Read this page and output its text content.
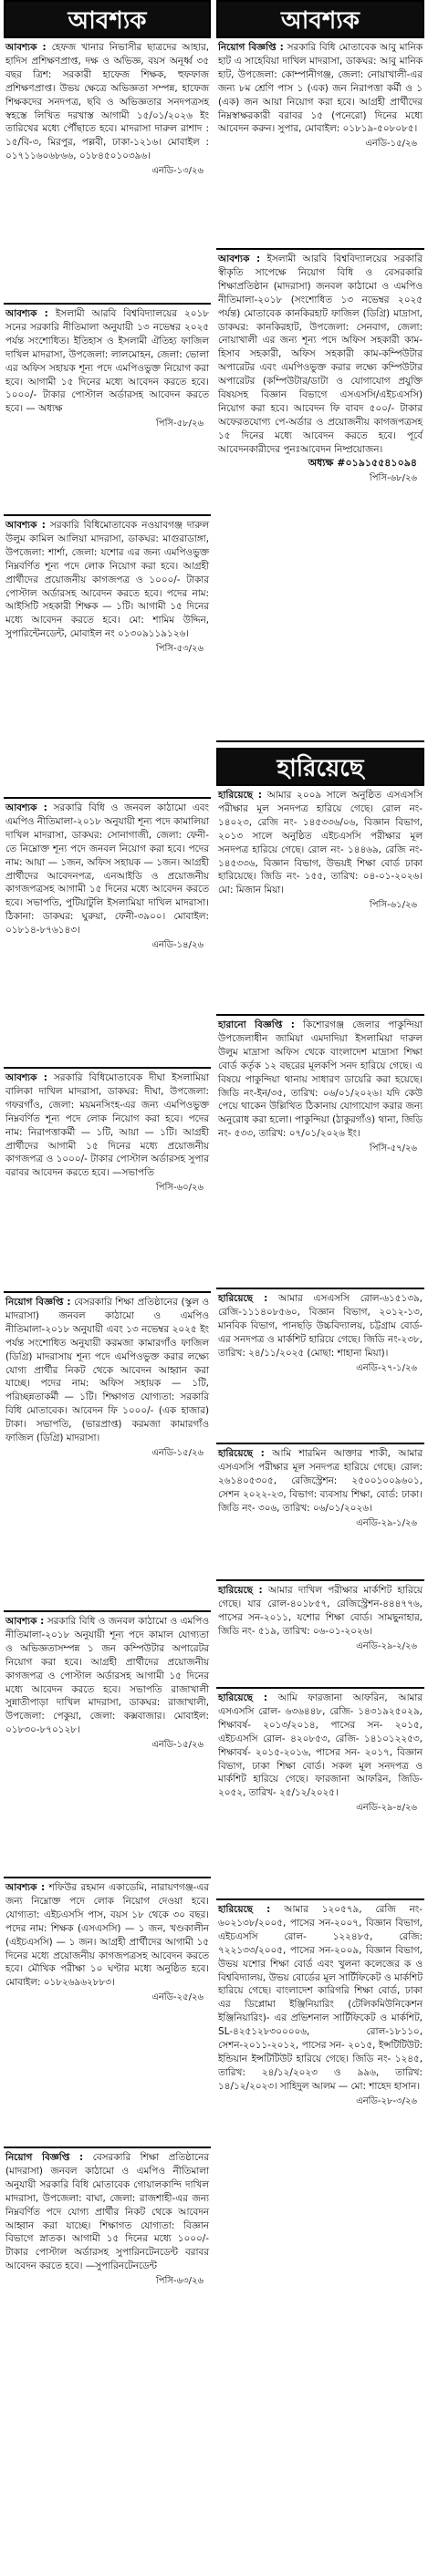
আবশ্যক
আবশ্যক : হেফজ খানার নিভাসীর ছাত্রদের আহার, হাদিস প্রশিক্ষণপ্রাপ্ত, দক্ষ ও অভিজ্ঞ, বয়স অনূর্ধ্ব ৩৫ বছর ত্রিশ: সরকারী হাফেজ শিক্ষক, হুফফাজ প্রশিক্ষণপ্রাপ্ত। উভয় ক্ষেত্রে অভিজ্ঞতা সম্পন্ন, হাফেজ শিক্ষকদের সনদপত্র, ছবি ও অভিজ্ঞতার সনদপত্রসহ স্বহস্তে লিখিত দরখাস্ত আগামী ১৫/০১/২০২৬ ইং তারিখের মধ্যে পৌঁছাতে হবে। মাদরাসা দারুল রাশাদ : ১৫/বি-৩, মিরপুর, পল্লবী, ঢাকা-১২১৬। মোবাইল : ০১৭১১৬০৬৮৬৬, ০১৮৪৫০১০৩৯৬।
এনডি-১৩/২৬
আবশ্যক : ইসলামী আরবি বিশ্ববিদ্যালয়ের ২০১৮ সনের সরকারি নীতিমালা অনুযায়ী ১৩ নভেম্বর ২০২৫ পর্যন্ত সংশোধিত। ইতিহাস ও ইসলামী ঐতিহ্য ফাজিল দাখিল মাদরাসা, উপজেলা: লালমোহন, জেলা: ভোলা এর অফিস সহায়ক শূন্য পদে এমপিওভুক্ত নিয়োগ করা হবে। আগামী ১৫ দিনের মধ্যে আবেদন করতে হবে। ১০০০/- টাকার পোস্টাল অর্ডারসহ আবেদন করতে হবে। — অধ্যক্ষ
পিসি-৫৮/২৬
আবশ্যক : সরকারি বিধিমোতাবেক নওয়াবগঞ্জ দারুল উলুম কামিল আলিয়া মাদরাসা, ডাকঘর: মাগুরাডাঙ্গা, উপজেলা: শার্শা, জেলা: যশোর এর জন্য এমপিওভুক্ত নিম্নবর্ণিত শূন্য পদে লোক নিয়োগ করা হবে। আগ্রহী প্রার্থীদের প্রয়োজনীয় কাগজপত্র ও ১০০০/- টাকার পোস্টাল অর্ডারসহ আবেদন করতে হবে। পদের নাম: আইসিটি সহকারী শিক্ষক — ১টি। আগামী ১৫ দিনের মধ্যে আবেদন করতে হবে। মো: শামিম উদ্দিন, সুপারিন্টেনডেন্ট, মোবাইল নং ০১৩০৯১১৯১২৬।
পিসি-৫৩/২৬
আবশ্যক : সরকারি বিধি ও জনবল কাঠামো এবং এমপিও নীতিমালা-২০১৮ অনুযায়ী শূন্য পদে কামালিয়া দাখিল মাদরাসা, ডাকঘর: সোনাগাজী, জেলা: ফেনী-তে নিম্নোক্ত শূন্য পদে জনবল নিয়োগ করা হবে। পদের নাম: আয়া — ১জন, অফিস সহায়ক — ১জন। আগ্রহী প্রার্থীদের আবেদনপত্র, এনআইডি ও প্রয়োজনীয় কাগজপত্রসহ আগামী ১৫ দিনের মধ্যে আবেদন করতে হবে। সভাপতি, পুটিয়াটুলি ইসলামিয়া দাখিল মাদরাসা। ঠিকানা: ডাকঘর: ঘুরুয়া, ফেনী-৩৯০০। মোবাইল: ০১৮১৪-৮৭৬১৪৩।
এনডি-১৪/২৬
আবশ্যক : সরকারি বিধিমোতাবেক দীঘা ইসলামিয়া বালিকা দাখিল মাদরাসা, ডাকঘর: দীঘা, উপজেলা: গফরগাঁও, জেলা: ময়মনসিংহ-এর জন্য এমপিওভুক্ত নিম্নবর্ণিত শূন্য পদে লোক নিয়োগ করা হবে। পদের নাম: নিরাপত্তাকর্মী — ১টি, আয়া — ১টি। আগ্রহী প্রার্থীদের আগামী ১৫ দিনের মধ্যে প্রয়োজনীয় কাগজপত্র ও ১০০০/- টাকার পোস্টাল অর্ডারসহ সুপার বরাবর আবেদন করতে হবে। —সভাপতি
পিসি-৬০/২৬
নিয়োগ বিজ্ঞপ্তি : বেসরকারি শিক্ষা প্রতিষ্ঠানের (স্কুল ও মাদরাসা) জনবল কাঠামো ও এমপিও নীতিমালা-২০১৮ অনুযায়ী এবং ১৩ নভেম্বর ২০২৫ ইং পর্যন্ত সংশোধিত অনুযায়ী করমজা কামারগাঁও ফাজিল (ডিগ্রি) মাদরাসায় শূন্য পদে এমপিওভুক্ত করার লক্ষ্যে যোগ্য প্রার্থীর নিকট থেকে আবেদন আহ্বান করা যাচ্ছে। পদের নাম: অফিস সহায়ক — ১টি, পরিচ্ছন্নতাকর্মী — ১টি। শিক্ষাগত যোগ্যতা: সরকারি বিধি মোতাবেক। আবেদন ফি ১০০০/- (এক হাজার) টাকা। সভাপতি, (ভারপ্রাপ্ত) করমজা কামারগাঁও ফাজিল (ডিগ্রি) মাদরাসা।
এনডি-১৫/২৬
আবশ্যক : সরকারি বিধি ও জনবল কাঠামো ও এমপিও নীতিমালা-২০১৮ অনুযায়ী শূন্য পদে কামাল যোগ্যতা ও অভিজ্ঞতাসম্পন্ন ১ জন কম্পিউটার অপারেটর নিয়োগ করা হবে। আগ্রহী প্রার্থীদের প্রয়োজনীয় কাগজপত্র ও পোস্টাল অর্ডারসহ আগামী ১৫ দিনের মধ্যে আবেদন করতে হবে। সভাপতি রাজাখালী সুন্নাতীপাড়া দাখিল মাদরাসা, ডাকঘর: রাজাখালী, উপজেলা: পেকুয়া, জেলা: কক্সবাজার। মোবাইল: ০১৮৩০-৮৭০১২৮।
এনডি-১৫/২৬
আবশ্যক : শফিউর রহমান একাডেমি, নারায়ণগঞ্জ-এর জন্য নিম্নোক্ত পদে লোক নিয়োগ দেওয়া হবে। যোগ্যতা: এইচএসসি পাস, বয়স ১৮ থেকে ৩০ বছর। পদের নাম: শিক্ষক (এসএসসি) — ১ জন, খণ্ডকালীন (এইচএসসি) — ১ জন। আগ্রহী প্রার্থীদের আগামী ১৫ দিনের মধ্যে প্রয়োজনীয় কাগজপত্রসহ আবেদন করতে হবে। মৌখিক পরীক্ষা ১০ ঘণ্টার মধ্যে অনুষ্ঠিত হবে। মোবাইল: ০১৮২৬৯৬২৮৮৩।
এনডি-২৫/২৬
নিয়োগ বিজ্ঞপ্তি : বেসরকারি শিক্ষা প্রতিষ্ঠানের (মাদরাসা) জনবল কাঠামো ও এমপিও নীতিমালা অনুযায়ী সরকারি বিধি মোতাবেক গোয়ালকান্দি দাখিল মাদরাসা, উপজেলা: বাঘা, জেলা: রাজশাহী-এর জন্য নিম্নবর্ণিত পদে যোগ্য প্রার্থীর নিকট থেকে আবেদন আহ্বান করা যাচ্ছে। শিক্ষাগত যোগ্যতা: বিজ্ঞান বিভাগে স্নাতক। আগামী ১৫ দিনের মধ্যে ১০০০/- টাকার পোস্টাল অর্ডারসহ সুপারিনটেনডেন্ট বরাবর আবেদন করতে হবে। —সুপারিনটেনডেন্ট
পিসি-৬৩/২৬
আবশ্যক
নিয়োগ বিজ্ঞপ্তি : সরকারি বিধি মোতাবেক আবু মানিক হাট এ সাহেবিয়া দাখিল মাদরাসা, ডাকঘর: আবু মানিক হাট, উপজেলা: কোম্পানীগঞ্জ, জেলা: নোয়াখালী-এর জন্য ৮ম শ্রেণি পাস ১ (এক) জন নিরাপত্তা কর্মী ও ১ (এক) জন আয়া নিয়োগ করা হবে। আগ্রহী প্রার্থীদের নিম্নস্বাক্ষরকারী বরাবর ১৫ (পনেরো) দিনের মধ্যে আবেদন করুন। সুপার, মোবাইল: ০১৮১৯-৫০৮০৮৫।
এনডি-১৫/২৬
আবশ্যক : ইসলামী আরবি বিশ্ববিদ্যালয়ের সরকারি স্বীকৃতি সাপেক্ষে নিয়োগ বিধি ও বেসরকারি শিক্ষাপ্রতিষ্ঠান (মাদরাসা) জনবল কাঠামো ও এমপিও নীতিমালা-২০১৮ (সংশোধিত ১৩ নভেম্বর ২০২৫ পর্যন্ত) মোতাবেক কানকিরহাট ফাজিল (ডিগ্রি) মাদ্রাসা, ডাকঘর: কানকিরহাট, উপজেলা: সেনবাগ, জেলা: নোয়াখালী এর জন্য শূন্য পদে অফিস সহকারী কাম-হিসাব সহকারী, অফিস সহকারী কাম-কম্পিউটার অপারেটর এবং এমপিওভুক্ত করার লক্ষ্যে কম্পিউটার অপারেটর (কম্পিউটার/ডাটা ও যোগাযোগ প্রযুক্তি বিষয়সহ বিজ্ঞান বিভাগে এসএসসি/এইচএসসি) নিয়োগ করা হবে। আবেদন ফি বাবদ ৫০০/- টাকার অফেরতযোগ্য পে-অর্ডার ও প্রয়োজনীয় কাগজপত্রসহ ১৫ দিনের মধ্যে আবেদন করতে হবে। পূর্বে আবেদনকারীদের পুনঃআবেদন নিষ্প্রয়োজন।
অধ্যক্ষ #০১৯১৫৫৪১০৯৪
পিসি-৬৮/২৬
হারিয়েছে
হারিয়েছে : আমার ২০০৯ সালে অনুষ্ঠিত এসএসসি পরীক্ষার মূল সনদপত্র হারিয়ে গেছে। রোল নং- ১৪০২৩, রেজি নং- ১৪৫৩৩৬/০৬, বিজ্ঞান বিভাগ, ২০১৩ সালে অনুষ্ঠিত এইচএসসি পরীক্ষার মূল সনদপত্র হারিয়ে গেছে। রোল নং- ১৪৪৬৯, রেজি নং- ১৪৫৩৩৬, বিজ্ঞান বিভাগ, উভয়ই শিক্ষা বোর্ড ঢাকা হারিয়েছে। জিডি নং- ১৫৫, তারিখ: ০৪-০১-২০২৬। মো: মিজান মিয়া।
পিসি-৬১/২৬
হারানো বিজ্ঞপ্তি : কিশোরগঞ্জ জেলার পাকুন্দিয়া উপজেলাধীন জামিয়া এমদাদিয়া ইসলামিয়া দারুল উলুম মাদ্রাসা অফিস থেকে বাংলাদেশ মাদ্রাসা শিক্ষা বোর্ড কর্তৃক ১২ বছরের মূলকপি সনদ হারিয়ে গেছে। এ বিষয়ে পাকুন্দিয়া থানায় সাধারণ ডায়েরি করা হয়েছে। জিডি নং-ইন/৩৫, তারিখ: ০৬/০১/২০২৬। যদি কেউ পেয়ে থাকেন উল্লিখিত ঠিকানায় যোগাযোগ করার জন্য অনুরোধ করা হলো। পাকুন্দিয়া (ঠাকুরগাঁও) থানা, জিডি নং- ৫৩৩, তারিখ: ০৭/০১/২০২৬ ইং।
পিসি-৫৭/২৬
হারিয়েছে : আমার এসএসসি রোল-৬১৫১৩৯, রেজি-১১১৪০৮৫৬০, বিজ্ঞান বিভাগ, ২০১২-১৩, মানবিক বিভাগ, পানছড়ি উচ্চবিদ্যালয়, চট্টগ্রাম বোর্ড-এর সনদপত্র ও মার্কশিট হারিয়ে গেছে। জিডি নং-২৩৮, তারিখ: ২৪/১১/২০২৫ (মোছা: শাহানা মিয়া)।
এনডি-২৭-১/২৬
হারিয়েছে : আমি শারমিন আক্তার শাকী, আমার এসএসসি পরীক্ষার মূল সনদপত্র হারিয়ে গেছে। রোল: ২৬১৪০৫৩০৫, রেজিস্ট্রেশন: ২৫০০১০০৯৬০১, সেশন ২০২২-২৩, বিভাগ: ব্যবসায় শিক্ষা, বোর্ড: ঢাকা। জিডি নং- ৩০৬, তারিখ: ০৬/০১/২০২৬।
এনডি-২৯-১/২৬
হারিয়েছে : আমার দাখিল পরীক্ষার মার্কশিট হারিয়ে গেছে। যার রোল-৪০১৮৫৭, রেজিস্ট্রেশন-৪৪৪৭৭৬, পাসের সন-২০১১, যশোর শিক্ষা বোর্ড। সামছুনাহার, জিডি নং- ৫১৯, তারিখ: ০৬-০১-২০২৬।
এনডি-২৯-২/২৬
হারিয়েছে : আমি ফারজানা আফরিন, আমার এসএসসি রোল- ৬৩৬৪৪৮, রেজি- ১৪৩১৯২৫০২৯, শিক্ষাবর্ষ- ২০১৩/২০১৪, পাসের সন- ২০১৫, এইচএসসি রোল- ৪২০৮৫৩, রেজি- ১৪১০১২২৫৩, শিক্ষাবর্ষ- ২০১৫-২০১৬, পাসের সন- ২০১৭, বিজ্ঞান বিভাগ, ঢাকা শিক্ষা বোর্ড। সকল মূল সনদপত্র ও মার্কশিট হারিয়ে গেছে। ফারজানা আফরিন, জিডি- ২০৫২, তারিখ- ২৫/১২/২০২৫।
এনডি-২৯-৪/২৬
হারিয়েছে : আমার ১২০৫৭৯, রেজি নং- ৬০২১৩৮/২০০৫, পাসের সন-২০০৭, বিজ্ঞান বিভাগ, এইচএসসি রোল- ১২২৪৮৫, রেজি: ৭২২১৩৩/২০০৫, পাসের সন-২০০৯, বিজ্ঞান বিভাগ, উভয় যশোর শিক্ষা বোর্ড এবং খুলনা কলেজের ক ও বিশ্ববিদ্যালয়, উভয় বোর্ডের মূল সার্টিফিকেট ও মার্কশিট হারিয়ে গেছে। বাংলাদেশ কারিগরি শিক্ষা বোর্ড, ঢাকা এর ডিপ্লোমা ইঞ্জিনিয়ারিং (টেলিকমিউনিকেশন ইঞ্জিনিয়ারিং)- এর প্রভিশনাল সার্টিফিকেট ও মার্কশিট, SL-৪২৫১২৮৩০০০০৬, রোল-১৮১১০, সেশন-২০১১-২০১২, পাসের সন- ২০১৫, ইন্সটিটিউট: ইন্ডিয়ান ইন্সটিটিউট হারিয়ে গেছে। জিডি নং- ১২৪৫, তারিখ: ২৪/১২/২০২৩ ও ৯৯৬, তারিখ: ১৪/১২/২০২৩। সাহিদুল আলম — মো: শাহেদ হাসান।
এনডি-২৮-৩/২৬
